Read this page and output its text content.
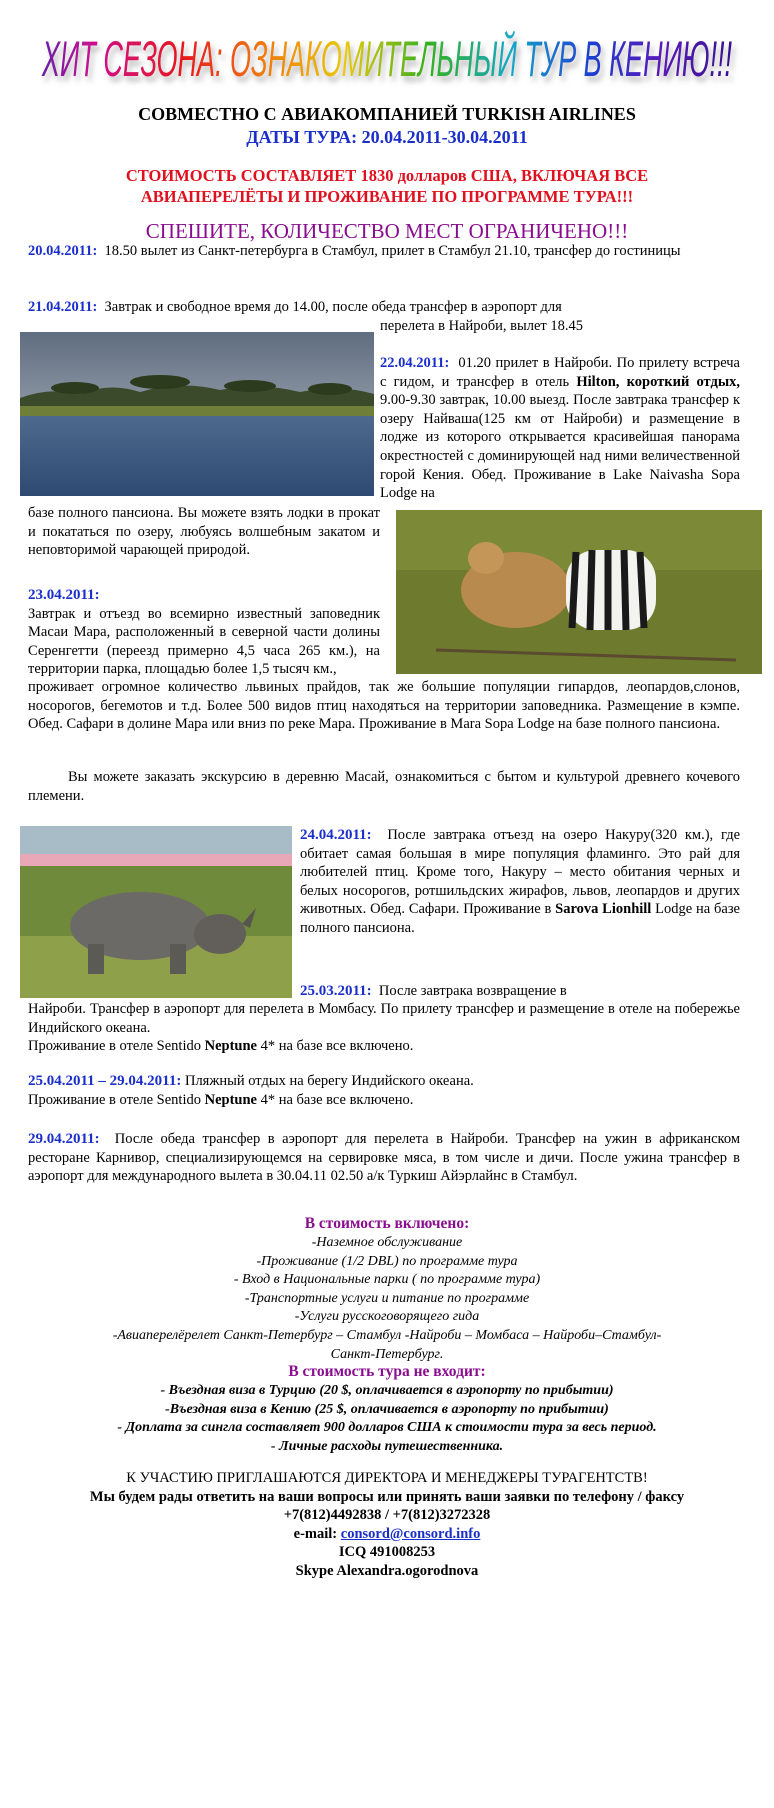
ХИТ СЕЗОНА: ОЗНАКОМИТЕЛЬНЫЙ ТУР В КЕНИЮ!!!
СОВМЕСТНО С АВИАКОМПАНИЕЙ TURKISH AIRLINES
ДАТЫ ТУРА: 20.04.2011-30.04.2011
СТОИМОСТЬ СОСТАВЛЯЕТ 1830 долларов США, ВКЛЮЧАЯ ВСЕ
АВИАПЕРЕЛЁТЫ И ПРОЖИВАНИЕ ПО ПРОГРАММЕ ТУРА!!!
СПЕШИТЕ, КОЛИЧЕСТВО МЕСТ ОГРАНИЧЕНО!!!
20.04.2011: 18.50 вылет из Санкт-петербурга в Стамбул, прилет в Стамбул 21.10, трансфер до гостиницы
21.04.2011: Завтрак и свободное время до 14.00, после обеда трансфер в аэропорт для
перелета в Найроби, вылет 18.45
22.04.2011: 01.20 прилет в Найроби. По прилету встреча с гидом, и трансфер в отель Hilton, короткий отдых, 9.00-9.30 завтрак, 10.00 выезд. После завтрака трансфер к озеру Найваша(125 км от Найроби) и размещение в лодже из которого открывается красивейшая панорама окрестностей с доминирующей над ними величественной горой Кения. Обед. Проживание в Lake Naivasha Sopa Lodge на
базе полного пансиона. Вы можете взять лодки в прокат и покататься по озеру, любуясь волшебным закатом и неповторимой чарающей природой.
23.04.2011:
Завтрак и отъезд во всемирно известный заповедник Масаи Мара, расположенный в северной части долины Серенгетти (переезд примерно 4,5 часа 265 км.), на территории парка, площадью более 1,5 тысяч км.,
проживает огромное количество львиных прайдов, так же большие популяции гипардов, леопардов,слонов, носорогов, бегемотов и т.д. Более 500 видов птиц находяться на территории заповедника. Размещение в кэмпе. Обед. Сафари в долине Мара или вниз по реке Мара. Проживание в Mara Sopa Lodge на базе полного пансиона.
Вы можете заказать экскурсию в деревню Масай, ознакомиться с бытом и культурой древнего кочевого племени.
24.04.2011: После завтрака отъезд на озеро Накуру(320 км.), где обитает самая большая в мире популяция фламинго. Это рай для любителей птиц. Кроме того, Накуру – место обитания черных и белых носорогов, ротшильдских жирафов, львов, леопардов и других животных. Обед. Сафари. Проживание в Sarova Lionhill Lodge на базе полного пансиона.
25.03.2011: После завтрака возвращение в
Найроби. Трансфер в аэропорт для перелета в Момбасу. По прилету трансфер и размещение в отеле на побережье Индийского океана.
Проживание в отеле Sentido Neptune 4* на базе все включено.
25.04.2011 – 29.04.2011: Пляжный отдых на берегу Индийского океана.
Проживание в отеле Sentido Neptune 4* на базе все включено.
29.04.2011: После обеда трансфер в аэропорт для перелета в Найроби. Трансфер на ужин в африканском ресторане Карнивор, специализирующемся на сервировке мяса, в том числе и дичи. После ужина трансфер в аэропорт для международного вылета в 30.04.11 02.50 а/к Туркиш Айэрлайнс в Стамбул.
В стоимость включено:
-Наземное обслуживание
-Проживание (1/2 DBL) по программе тура
- Вход в Национальные парки ( по программе тура)
-Транспортные услуги и питание по программе
-Услуги русскоговорящего гида
-Авиаперелёрелет Санкт-Петербург – Стамбул -Найроби – Момбаса – Найроби–Стамбул-
Санкт-Петербург.
В стоимость тура не входит:
- Въездная виза в Турцию (20 $, оплачивается в аэропорту по прибытии)
-Въездная виза в Кению (25 $, оплачивается в аэропорту по прибытии)
- Доплата за сингла составляет 900 долларов США к стоимости тура за весь период.
- Личные расходы путешественника.
К УЧАСТИЮ ПРИГЛАШАЮТСЯ ДИРЕКТОРА И МЕНЕДЖЕРЫ ТУРАГЕНТСТВ!
Мы будем рады ответить на ваши вопросы или принять ваши заявки по телефону / факсу
+7(812)4492838 / +7(812)3272328
e-mail: consord@consord.info
ICQ 491008253
Skype Alexandra.ogorodnova
